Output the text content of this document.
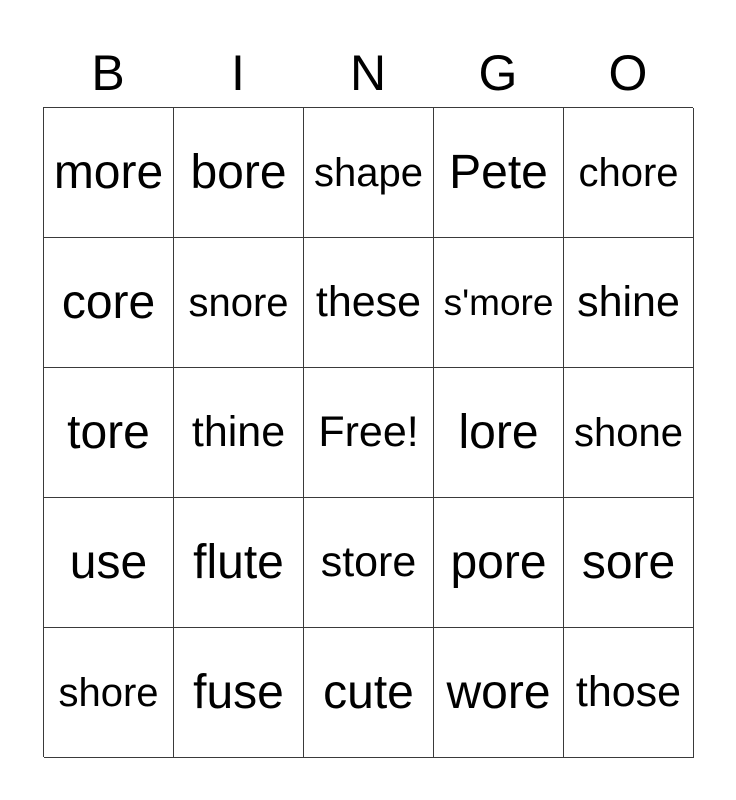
B	I	N	G	O
more bore shape Pete chore
core snore these s'more shine
tore thine Free! lore shone
use flute store pore sore
shore fuse cute wore those
